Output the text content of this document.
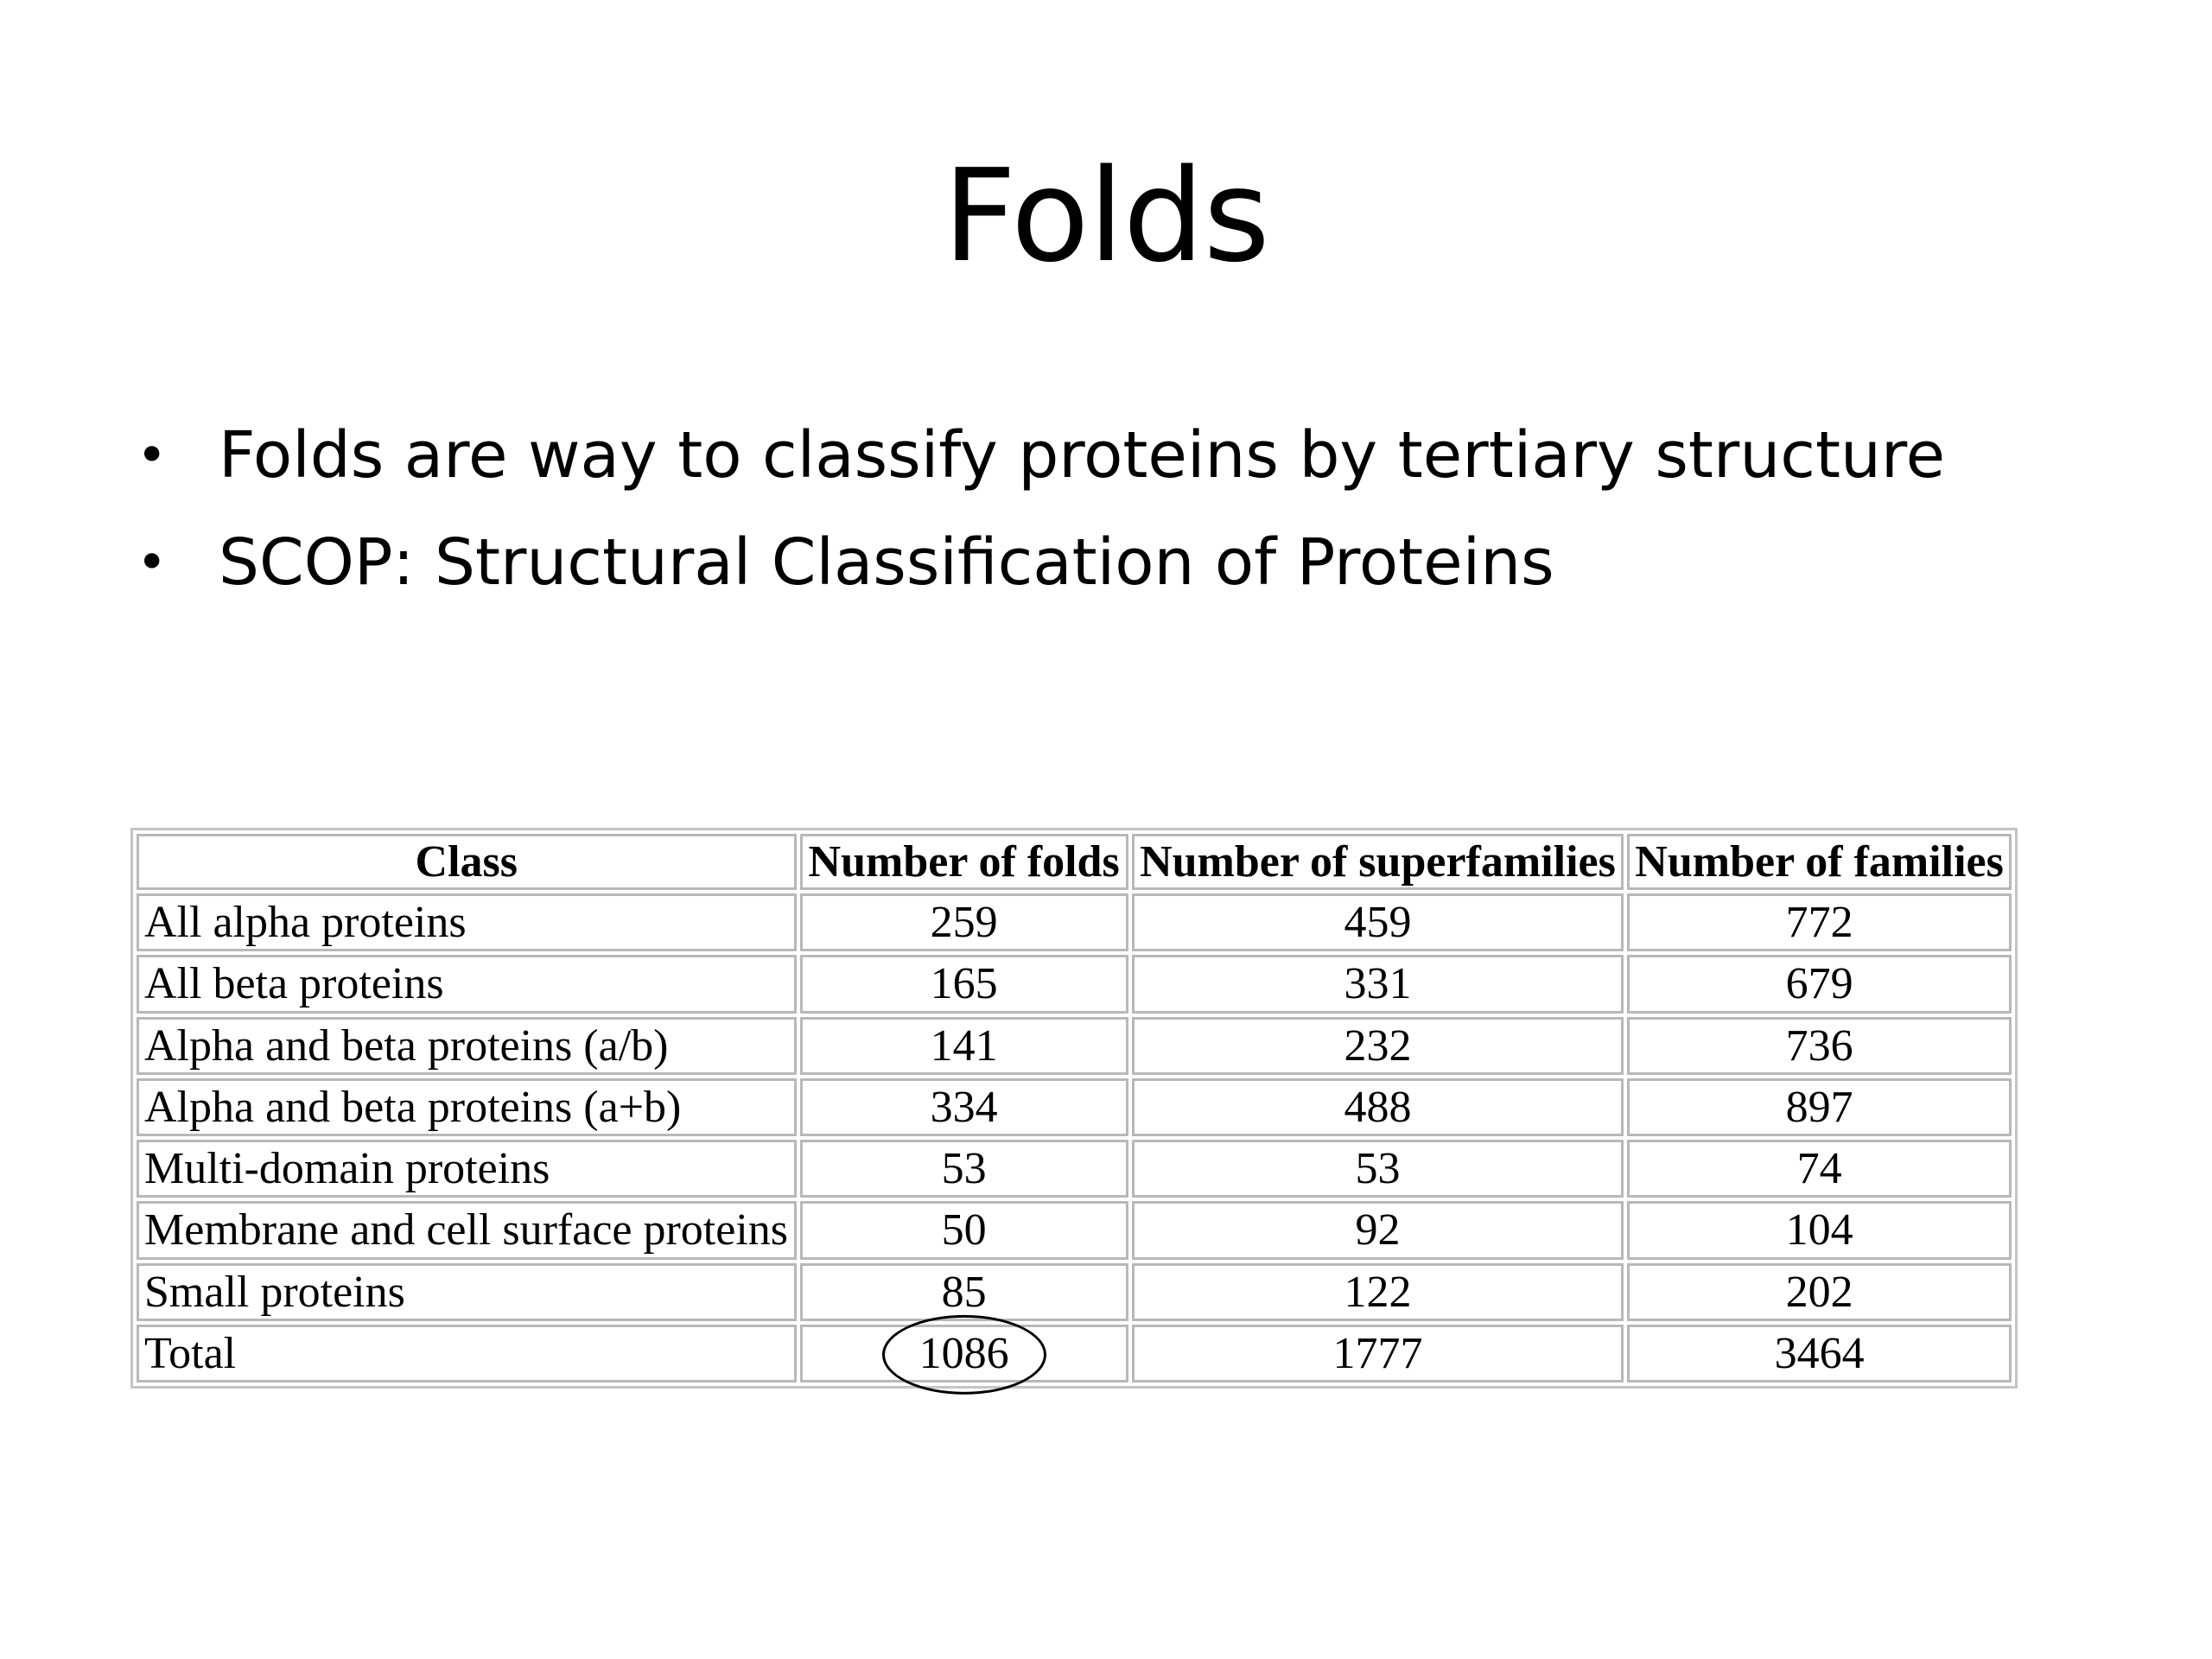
Folds
• Folds are way to classify proteins by tertiary structure
• SCOP: Structural Classification of Proteins
Class	Number of folds	Number of superfamilies	Number of families
All alpha proteins	259	459	772
All beta proteins	165	331	679
Alpha and beta proteins (a/b)	141	232	736
Alpha and beta proteins (a+b)	334	488	897
Multi-domain proteins	53	53	74
Membrane and cell surface proteins	50	92	104
Small proteins	85	122	202
Total	1086	1777	3464
